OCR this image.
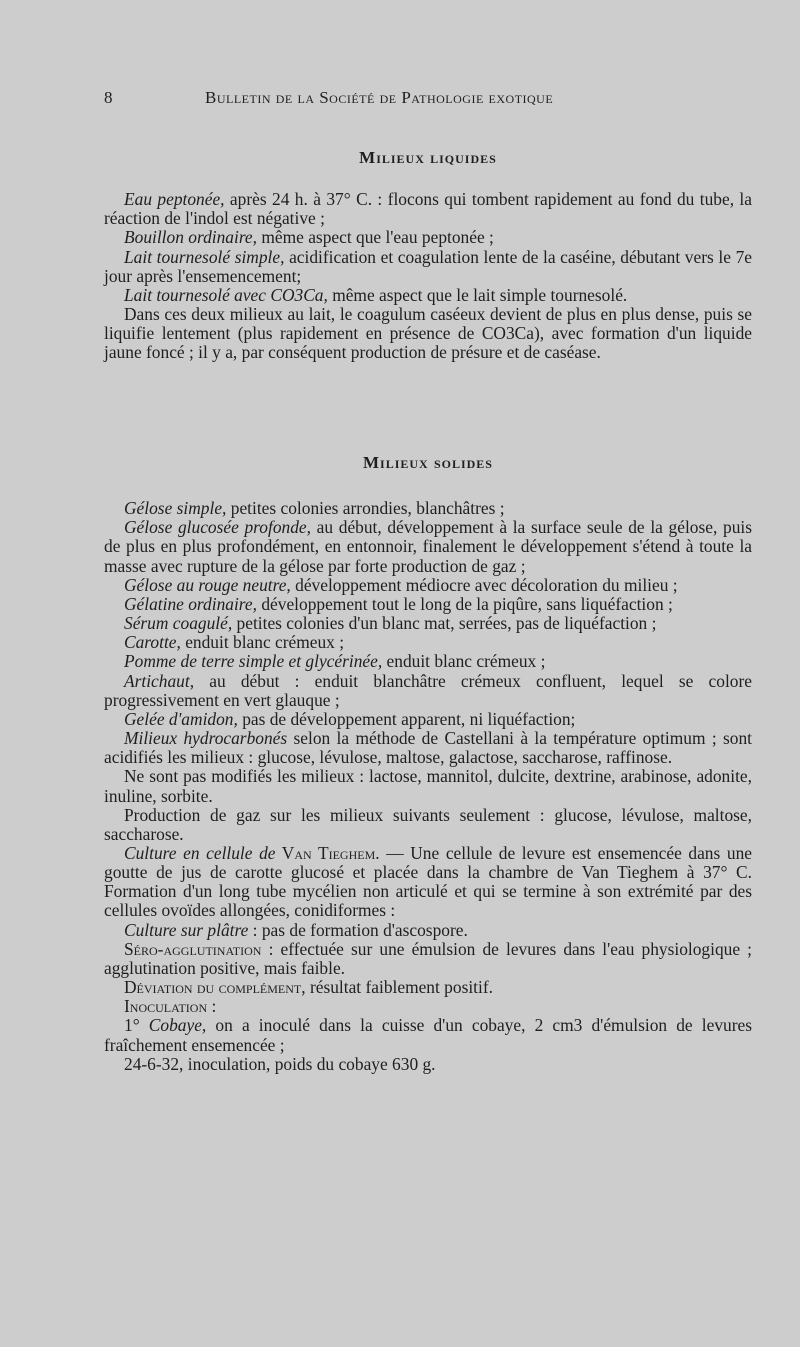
8	Bulletin de la Société de Pathologie exotique
Milieux liquides

Eau peptonée, après 24 h. à 37° C. : flocons qui tombent rapidement au fond du tube, la réaction de l'indol est négative ;

Bouillon ordinaire, même aspect que l'eau peptonée ;

Lait tournesolé simple, acidification et coagulation lente de la caséine, débutant vers le 7e jour après l'ensemencement;

Lait tournesolé avec CO3Ca, même aspect que le lait simple tournesolé.

Dans ces deux milieux au lait, le coagulum caséeux devient de plus en plus dense, puis se liquifie lentement (plus rapidement en présence de CO3Ca), avec formation d'un liquide jaune foncé ; il y a, par conséquent production de présure et de caséase.

Milieux solides

Gélose simple, petites colonies arrondies, blanchâtres ;

Gélose glucosée profonde, au début, développement à la surface seule de la gélose, puis de plus en plus profondément, en entonnoir, finalement le développement s'étend à toute la masse avec rupture de la gélose par forte production de gaz ;

Gélose au rouge neutre, développement médiocre avec décoloration du milieu ;

Gélatine ordinaire, développement tout le long de la piqûre, sans liquéfaction ;

Sérum coagulé, petites colonies d'un blanc mat, serrées, pas de liquéfaction ;

Carotte, enduit blanc crémeux ;

Pomme de terre simple et glycérinée, enduit blanc crémeux ;

Artichaut, au début : enduit blanchâtre crémeux confluent, lequel se colore progressivement en vert glauque ;

Gelée d'amidon, pas de développement apparent, ni liquéfaction;

Milieux hydrocarbonés selon la méthode de Castellani à la température optimum ; sont acidifiés les milieux : glucose, lévulose, maltose, galactose, saccharose, raffinose.

Ne sont pas modifiés les milieux : lactose, mannitol, dulcite, dextrine, arabinose, adonite, inuline, sorbite.

Production de gaz sur les milieux suivants seulement : glucose, lévulose, maltose, saccharose.

Culture en cellule de Van Tieghem. — Une cellule de levure est ensemencée dans une goutte de jus de carotte glucosé et placée dans la chambre de Van Tieghem à 37° C. Formation d'un long tube mycélien non articulé et qui se termine à son extrémité par des cellules ovoïdes allongées, conidiformes :

Culture sur plâtre : pas de formation d'ascospore.

Séro-agglutination : effectuée sur une émulsion de levures dans l'eau physiologique ; agglutination positive, mais faible.

Déviation du complément, résultat faiblement positif.

Inoculation :

1° Cobaye, on a inoculé dans la cuisse d'un cobaye, 2 cm3 d'émulsion de levures fraîchement ensemencée ;

24-6-32, inoculation, poids du cobaye 630 g.
